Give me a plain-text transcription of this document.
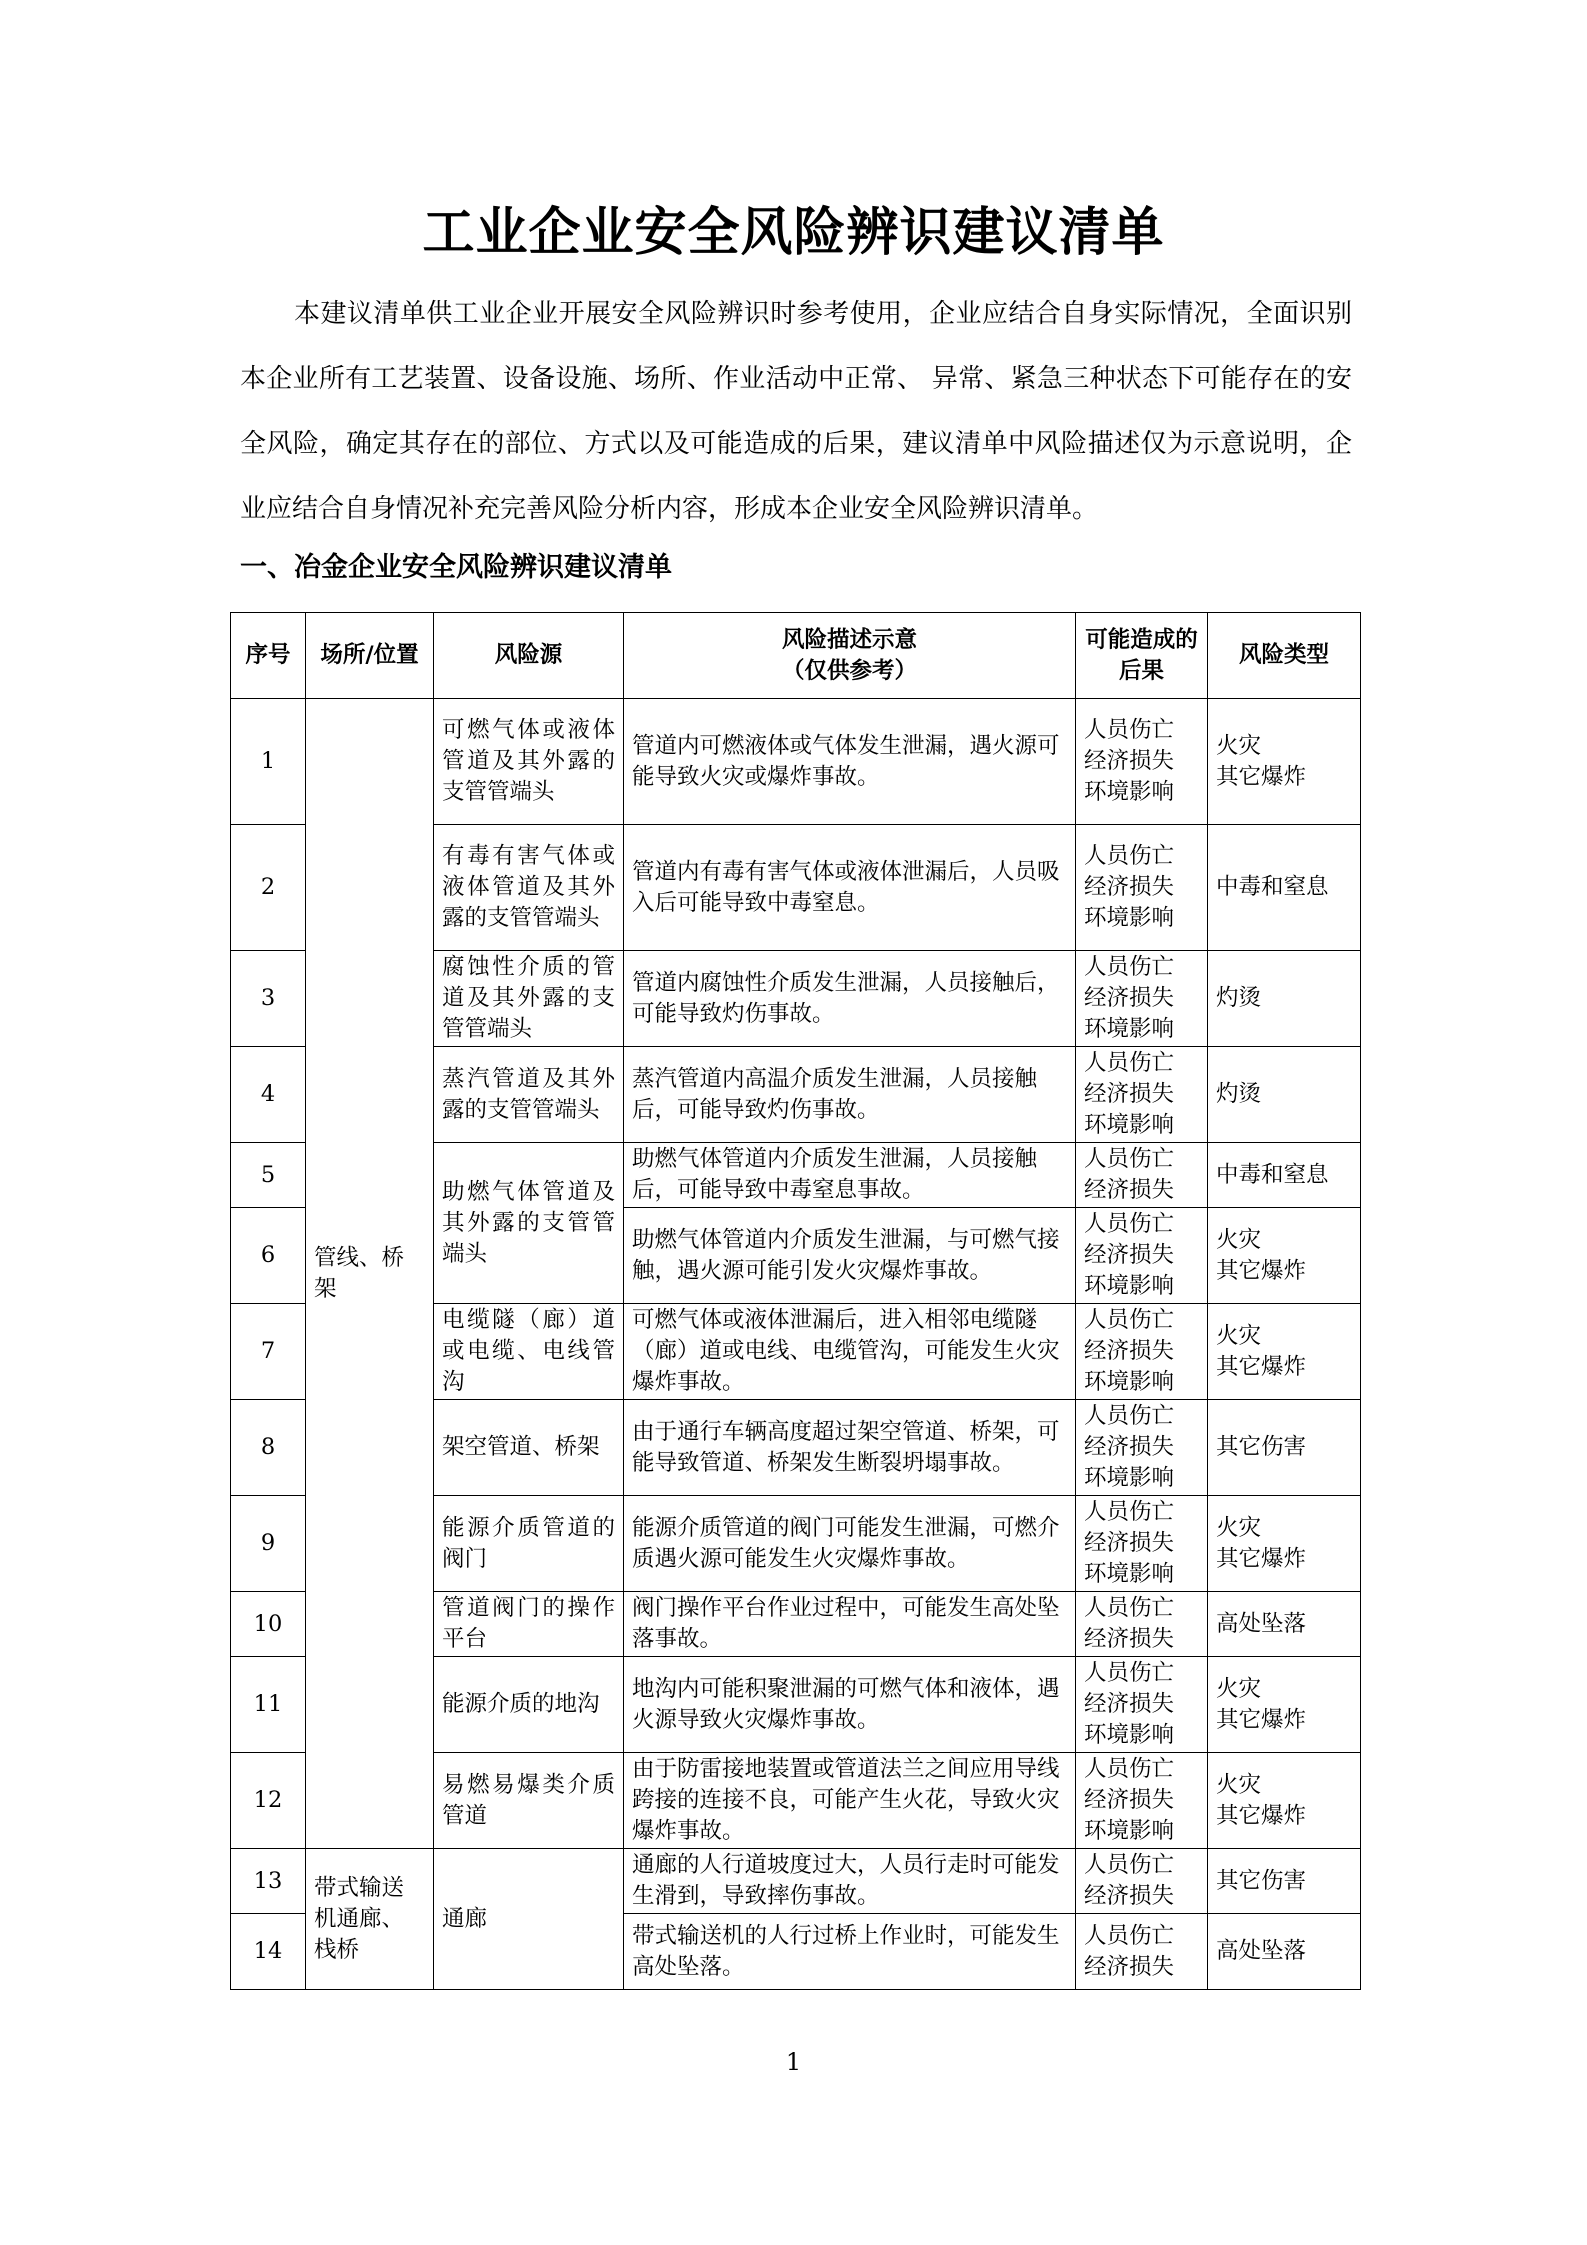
工业企业安全风险辨识建议清单

本建议清单供工业企业开展安全风险辨识时参考使用，企业应结合自身实际情况，全面识别本企业所有工艺装置、设备设施、场所、作业活动中正常、 异常、紧急三种状态下可能存在的安全风险，确定其存在的部位、方式以及可能造成的后果，建议清单中风险描述仅为示意说明，企业应结合自身情况补充完善风险分析内容，形成本企业安全风险辨识清单。

一、冶金企业安全风险辨识建议清单
序号	场所/位置	风险源	风险描述示意
（仅供参考）	可能造成的后果	风险类型
1	管线、桥架	可燃气体或液体管道及其外露的支管管端头	管道内可燃液体或气体发生泄漏，遇火源可能导致火灾或爆炸事故。	人员伤亡
经济损失
环境影响	火灾
其它爆炸

2		有毒有害气体或液体管道及其外露的支管管端头	管道内有毒有害气体或液体泄漏后，人员吸入后可能导致中毒窒息。	人员伤亡
经济损失
环境影响	中毒和窒息

3		腐蚀性介质的管道及其外露的支管管端头	管道内腐蚀性介质发生泄漏，人员接触后，可能导致灼伤事故。	人员伤亡
经济损失
环境影响	灼烫

4		蒸汽管道及其外露的支管管端头	蒸汽管道内高温介质发生泄漏，人员接触后，可能导致灼伤事故。	人员伤亡
经济损失
环境影响	灼烫

5		助燃气体管道及其外露的支管管端头	助燃气体管道内介质发生泄漏，人员接触后，可能导致中毒窒息事故。	人员伤亡
经济损失	中毒和窒息

6			助燃气体管道内介质发生泄漏，与可燃气接触，遇火源可能引发火灾爆炸事故。	人员伤亡
经济损失
环境影响	火灾
其它爆炸

7		电缆隧（廊）道或电缆、电线管沟	可燃气体或液体泄漏后，进入相邻电缆隧（廊）道或电线、电缆管沟，可能发生火灾爆炸事故。	人员伤亡
经济损失
环境影响	火灾
其它爆炸

8		架空管道、桥架	由于通行车辆高度超过架空管道、桥架，可能导致管道、桥架发生断裂坍塌事故。	人员伤亡
经济损失
环境影响	其它伤害

9		能源介质管道的阀门	能源介质管道的阀门可能发生泄漏，可燃介质遇火源可能发生火灾爆炸事故。	人员伤亡
经济损失
环境影响	火灾
其它爆炸

10		管道阀门的操作平台	阀门操作平台作业过程中，可能发生高处坠落事故。	人员伤亡
经济损失	高处坠落

11		能源介质的地沟	地沟内可能积聚泄漏的可燃气体和液体，遇火源导致火灾爆炸事故。	人员伤亡
经济损失
环境影响	火灾
其它爆炸

12		易燃易爆类介质管道	由于防雷接地装置或管道法兰之间应用导线跨接的连接不良，可能产生火花，导致火灾爆炸事故。	人员伤亡
经济损失
环境影响	火灾
其它爆炸

13	带式输送机通廊、栈桥	通廊	通廊的人行道坡度过大，人员行走时可能发生滑到，导致摔伤事故。	人员伤亡
经济损失	其它伤害

14			带式输送机的人行过桥上作业时，可能发生高处坠落。	人员伤亡
经济损失	高处坠落

1
